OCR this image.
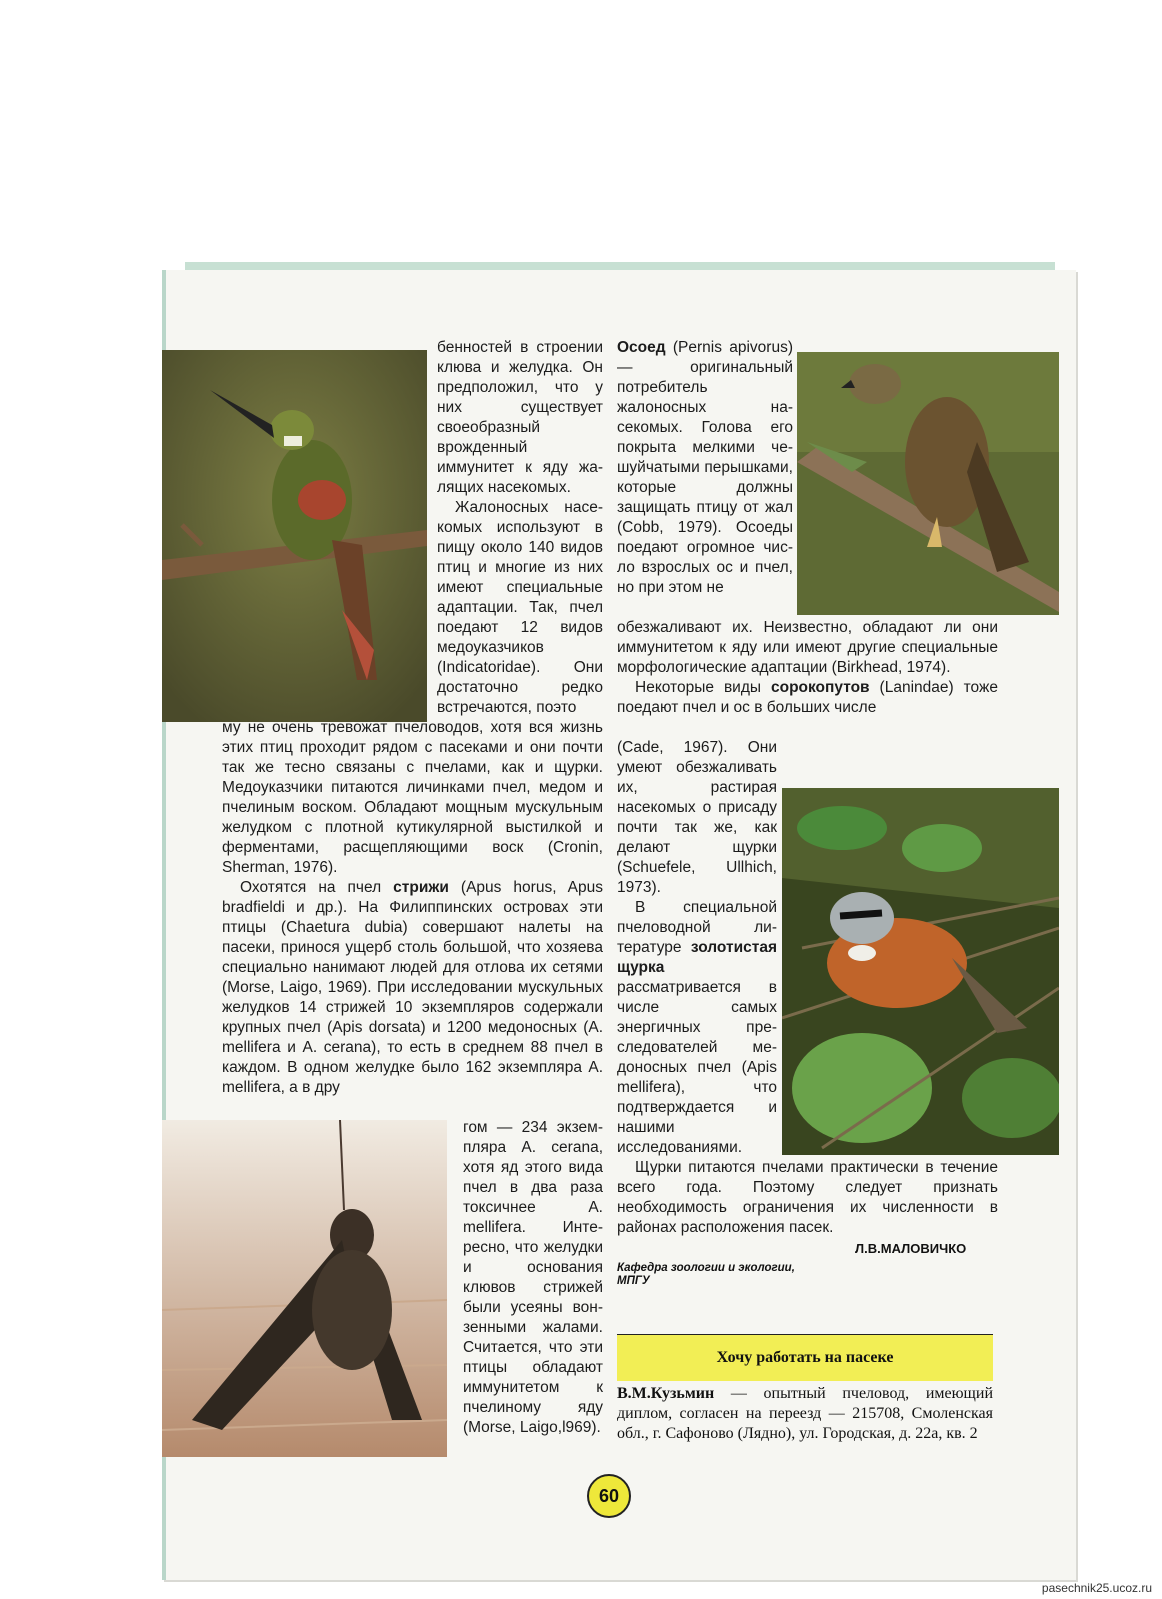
бенностей в строении клюва и желудка. Он предположил, что у них существует своеобразный врожденный иммунитет к яду жалящих насекомых.

Жалоносных насекомых используют в пищу около 140 видов птиц и многие из них имеют специальные адаптации. Так, пчел поедают 12 видов медоуказчиков (Indicatoridae). Они достаточно редко встречаются, поэто

му не очень тревожат пчеловодов, хотя вся жизнь этих птиц проходит рядом с пасеками и они почти так же тесно связаны с пчелами, как и щурки. Медоуказчики питаются личинками пчел, медом и пчелиным воском. Обладают мощным мускульным желудком с плотной кутикулярной выстилкой и ферментами, расщепляющими воск (Cronin, Sherman, 1976).

Охотятся на пчел стрижи (Apus horus, Apus bradfieldi и др.). На Филиппинских островах эти птицы (Chaetura dubia) совершают налеты на пасеки, принося ущерб столь большой, что хозяева специально нанимают людей для отлова их сетями (Morse, Laigo, 1969). При исследовании мускульных желудков 14 стрижей 10 экземпляров содержали крупных пчел (Apis dorsata) и 1200 медоносных (A. mellifera и A. cerana), то есть в среднем 88 пчел в каждом. В одном желудке было 162 экземпляра A. mellifera, а в дру

гом — 234 экземпляра A. cerana, хотя яд этого вида пчел в два раза токсичнее A. mellifera. Интересно, что желудки и основания клювов стрижей были усеяны вонзенными жалами. Считается, что эти птицы обладают иммунитетом к пчелиному яду (Morse, Laigo,l969).

Осоед (Pernis apivorus) — оригинальный потребитель жалоносных насекомых. Голова его покрыта мелкими чешуйчатыми перышками, которые должны защищать птицу от жал (Cobb, 1979). Осоеды поедают огромное число взрослых ос и пчел, но при этом не

обезжаливают их. Неизвестно, обладают ли они иммунитетом к яду или имеют другие специальные морфологические адаптации (Birkhead, 1974).

Некоторые виды сорокопутов (Lanindae) тоже поедают пчел и ос в больших числе

(Cade, 1967). Они умеют обезжаливать их, растирая насекомых о присаду почти так же, как делают щурки (Schuefele, Ullhich, 1973).

В специальной пчеловодной литературе золотистая щурка рассматривается в числе самых энергичных преследователей медоносных пчел (Apis mellifera), что подтверждается и нашими исследованиями.

Щурки питаются пчелами практически в течение всего года. Поэтому следует признать необходимость ограничения их численности в районах расположения пасек.

Л.В.МАЛОВИЧКО
Кафедра зоологии и экологии, МПГУ
Хочу работать на пасеке
В.М.Кузьмин — опытный пчеловод, имеющий диплом, согласен на переезд — 215708, Смоленская обл., г. Сафоново (Лядно), ул. Городская, д. 22а, кв. 2
60
pasechnik25.ucoz.ru
